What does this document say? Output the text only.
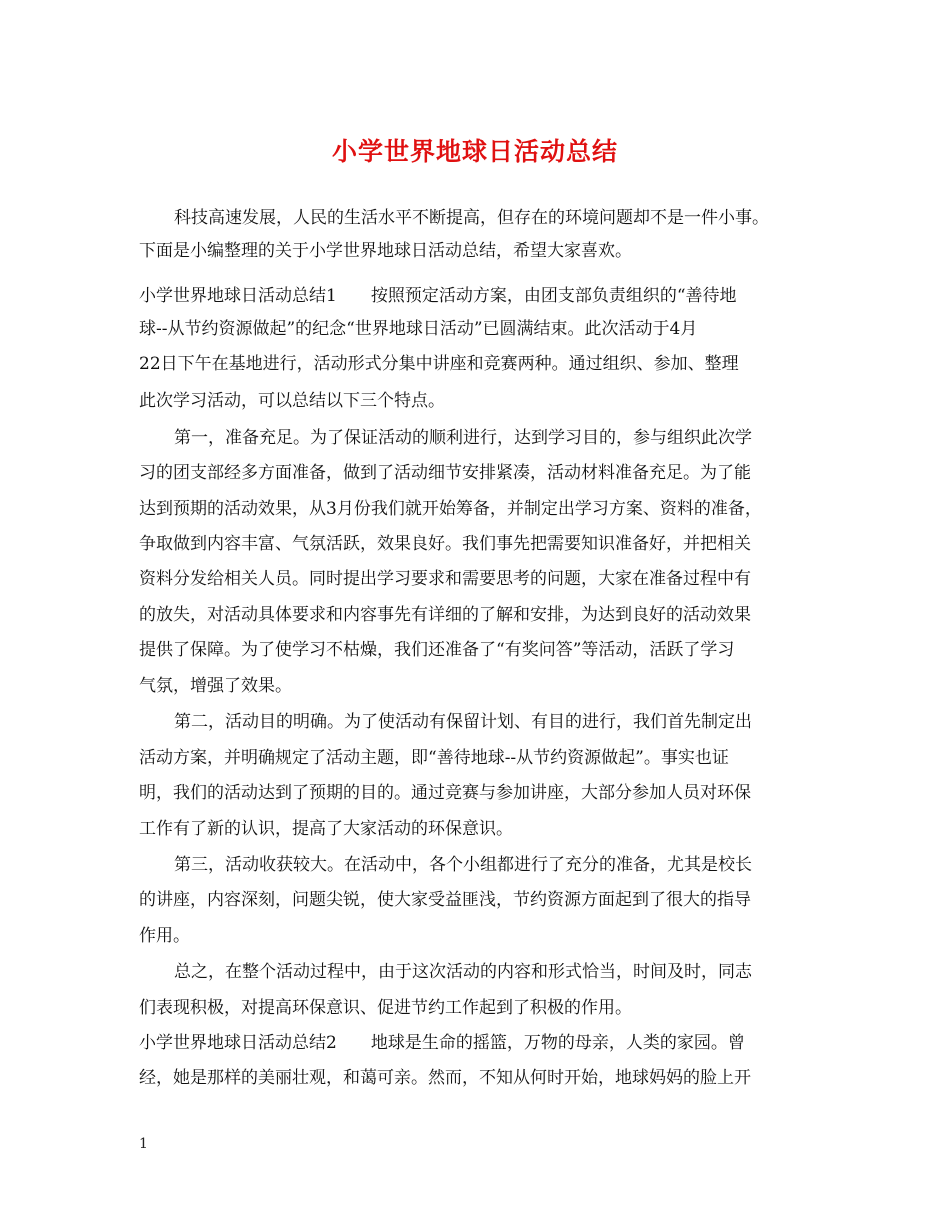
小学世界地球日活动总结
科技高速发展，人民的生活水平不断提高，但存在的环境问题却不是一件小事。
下面是小编整理的关于小学世界地球日活动总结，希望大家喜欢。
小学世界地球日活动总结1　　按照预定活动方案，由团支部负责组织的“善待地
球--从节约资源做起”的纪念“世界地球日活动”已圆满结束。此次活动于4月
22日下午在基地进行，活动形式分集中讲座和竞赛两种。通过组织、参加、整理
此次学习活动，可以总结以下三个特点。
第一，准备充足。为了保证活动的顺利进行，达到学习目的，参与组织此次学
习的团支部经多方面准备，做到了活动细节安排紧凑，活动材料准备充足。为了能
达到预期的活动效果，从3月份我们就开始筹备，并制定出学习方案、资料的准备，
争取做到内容丰富、气氛活跃，效果良好。我们事先把需要知识准备好，并把相关
资料分发给相关人员。同时提出学习要求和需要思考的问题，大家在准备过程中有
的放失，对活动具体要求和内容事先有详细的了解和安排，为达到良好的活动效果
提供了保障。为了使学习不枯燥，我们还准备了“有奖问答”等活动，活跃了学习
气氛，增强了效果。
第二，活动目的明确。为了使活动有保留计划、有目的进行，我们首先制定出
活动方案，并明确规定了活动主题，即“善待地球--从节约资源做起”。事实也证
明，我们的活动达到了预期的目的。通过竞赛与参加讲座，大部分参加人员对环保
工作有了新的认识，提高了大家活动的环保意识。
第三，活动收获较大。在活动中，各个小组都进行了充分的准备，尤其是校长
的讲座，内容深刻，问题尖锐，使大家受益匪浅，节约资源方面起到了很大的指导
作用。
总之，在整个活动过程中，由于这次活动的内容和形式恰当，时间及时，同志
们表现积极，对提高环保意识、促进节约工作起到了积极的作用。
小学世界地球日活动总结2　　地球是生命的摇篮，万物的母亲，人类的家园。曾
经，她是那样的美丽壮观，和蔼可亲。然而，不知从何时开始，地球妈妈的脸上开
1
